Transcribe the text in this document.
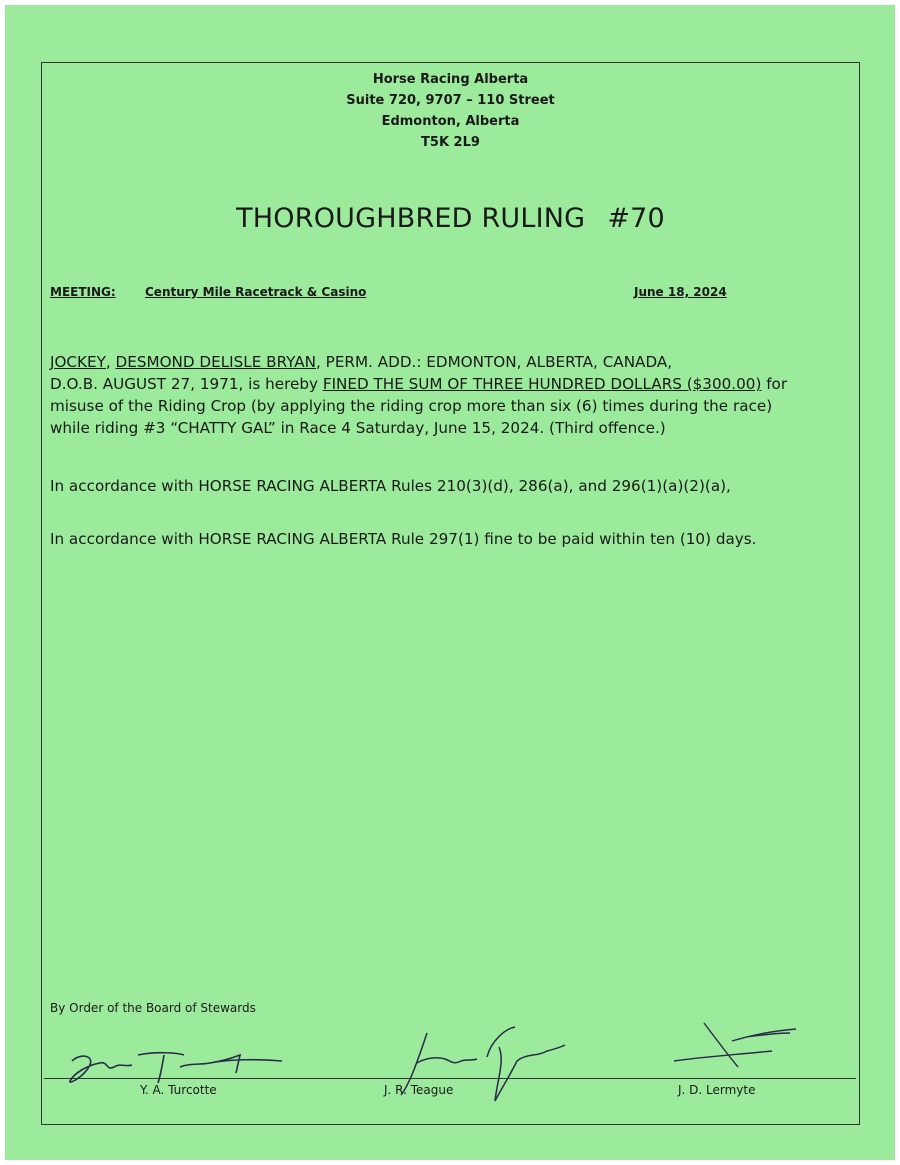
Horse Racing Alberta
Suite 720, 9707 – 110 Street
Edmonton, Alberta
T5K 2L9
THOROUGHBRED RULING #70
MEETING: Century Mile Racetrack & Casino	June 18, 2024
JOCKEY, DESMOND DELISLE BRYAN, PERM. ADD.: EDMONTON, ALBERTA, CANADA,
D.O.B. AUGUST 27, 1971, is hereby FINED THE SUM OF THREE HUNDRED DOLLARS ($300.00) for
misuse of the Riding Crop (by applying the riding crop more than six (6) times during the race)
while riding #3 “CHATTY GAL” in Race 4 Saturday, June 15, 2024. (Third offence.)
In accordance with HORSE RACING ALBERTA Rules 210(3)(d), 286(a), and 296(1)(a)(2)(a),
In accordance with HORSE RACING ALBERTA Rule 297(1) fine to be paid within ten (10) days.
By Order of the Board of Stewards
Y. A. Turcotte	J. R. Teague	J. D. Lermyte
